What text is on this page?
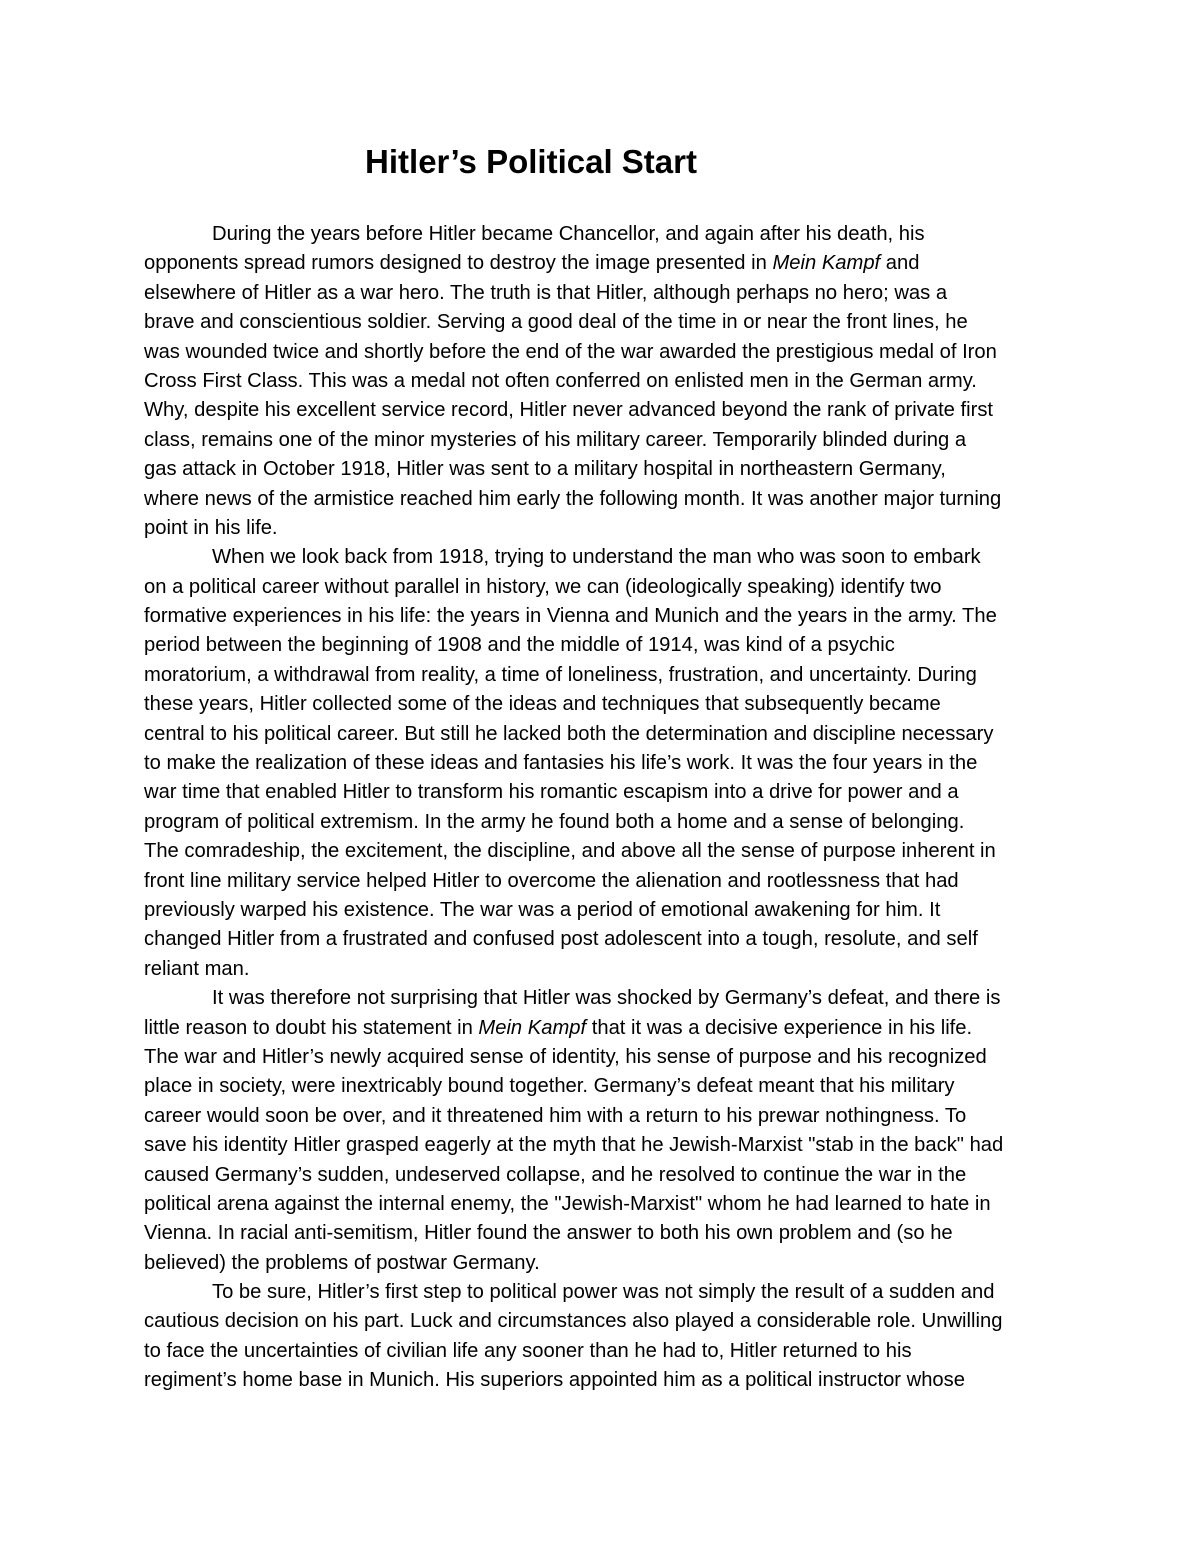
Hitler’s Political Start
During the years before Hitler became Chancellor, and again after his death, his
opponents spread rumors designed to destroy the image presented in Mein Kampf and
elsewhere of Hitler as a war hero. The truth is that Hitler, although perhaps no hero; was a
brave and conscientious soldier. Serving a good deal of the time in or near the front lines, he
was wounded twice and shortly before the end of the war awarded the prestigious medal of Iron
Cross First Class. This was a medal not often conferred on enlisted men in the German army.
Why, despite his excellent service record, Hitler never advanced beyond the rank of private first
class, remains one of the minor mysteries of his military career. Temporarily blinded during a
gas attack in October 1918, Hitler was sent to a military hospital in northeastern Germany,
where news of the armistice reached him early the following month. It was another major turning
point in his life.
When we look back from 1918, trying to understand the man who was soon to embark
on a political career without parallel in history, we can (ideologically speaking) identify two
formative experiences in his life: the years in Vienna and Munich and the years in the army. The
period between the beginning of 1908 and the middle of 1914, was kind of a psychic
moratorium, a withdrawal from reality, a time of loneliness, frustration, and uncertainty. During
these years, Hitler collected some of the ideas and techniques that subsequently became
central to his political career. But still he lacked both the determination and discipline necessary
to make the realization of these ideas and fantasies his life’s work. It was the four years in the
war time that enabled Hitler to transform his romantic escapism into a drive for power and a
program of political extremism. In the army he found both a home and a sense of belonging.
The comradeship, the excitement, the discipline, and above all the sense of purpose inherent in
front line military service helped Hitler to overcome the alienation and rootlessness that had
previously warped his existence. The war was a period of emotional awakening for him. It
changed Hitler from a frustrated and confused post adolescent into a tough, resolute, and self
reliant man.
It was therefore not surprising that Hitler was shocked by Germany’s defeat, and there is
little reason to doubt his statement in Mein Kampf that it was a decisive experience in his life.
The war and Hitler’s newly acquired sense of identity, his sense of purpose and his recognized
place in society, were inextricably bound together. Germany’s defeat meant that his military
career would soon be over, and it threatened him with a return to his prewar nothingness. To
save his identity Hitler grasped eagerly at the myth that he Jewish-Marxist "stab in the back" had
caused Germany’s sudden, undeserved collapse, and he resolved to continue the war in the
political arena against the internal enemy, the "Jewish-Marxist" whom he had learned to hate in
Vienna. In racial anti-semitism, Hitler found the answer to both his own problem and (so he
believed) the problems of postwar Germany.
To be sure, Hitler’s first step to political power was not simply the result of a sudden and
cautious decision on his part. Luck and circumstances also played a considerable role. Unwilling
to face the uncertainties of civilian life any sooner than he had to, Hitler returned to his
regiment’s home base in Munich. His superiors appointed him as a political instructor whose
